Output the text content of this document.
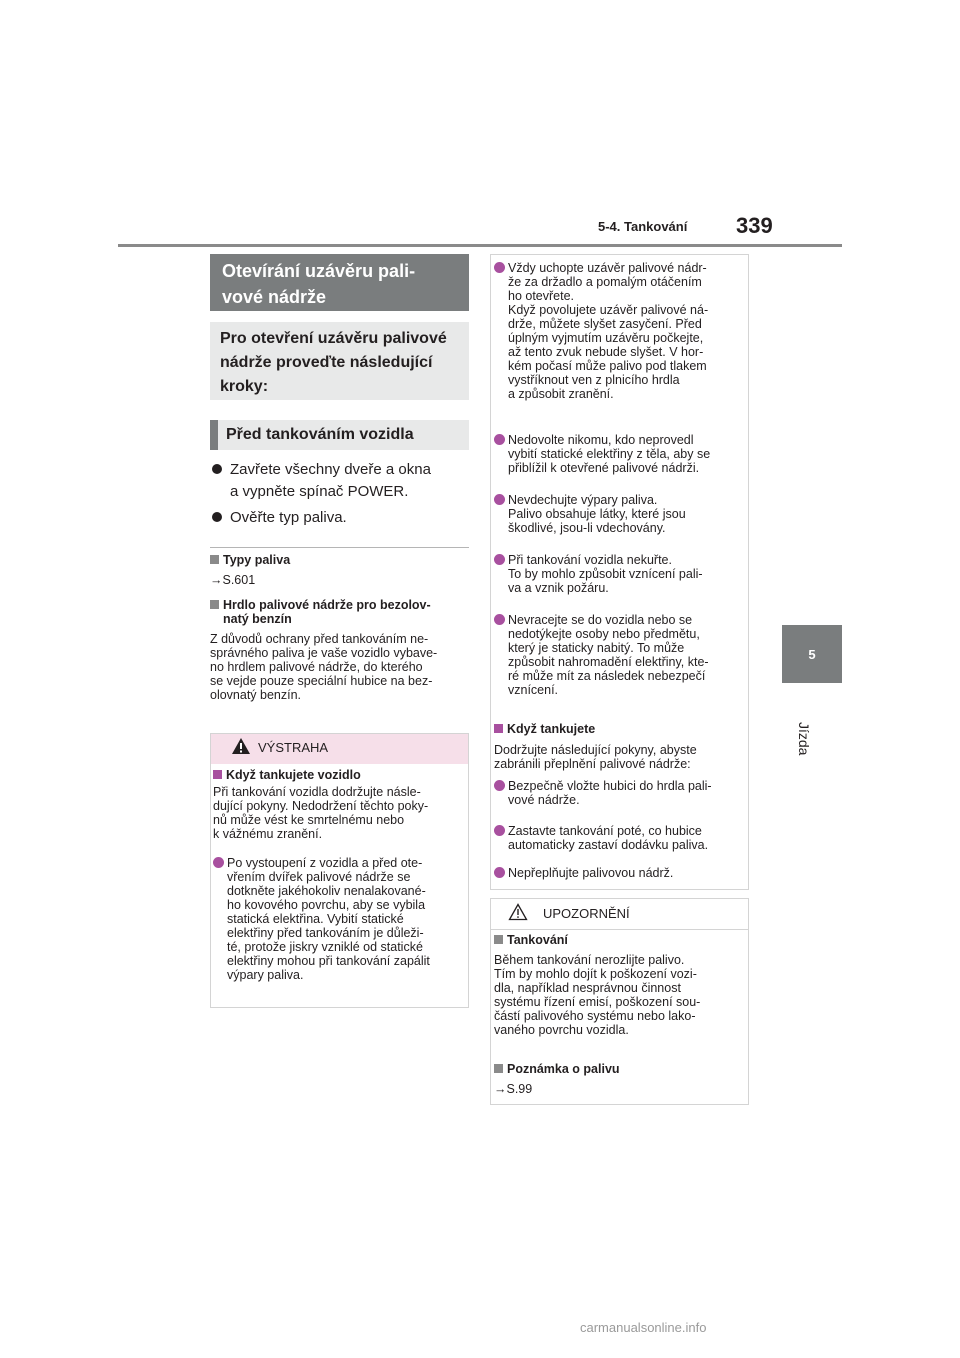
5-4. Tankování 339
5
Jízda
Otevírání uzávěru pali-
vové nádrže
Pro otevření uzávěru palivové
nádrže proveďte následující
kroky:
Před tankováním vozidla
Zavřete všechny dveře a okna
a vypněte spínač POWER.
Ověřte typ paliva.
Typy paliva
→S.601
Hrdlo palivové nádrže pro bezolov-
natý benzín
Z důvodů ochrany před tankováním ne-
správného paliva je vaše vozidlo vybave-
no hrdlem palivové nádrže, do kterého
se vejde pouze speciální hubice na bez-
olovnatý benzín.
VÝSTRAHA
Když tankujete vozidlo
Při tankování vozidla dodržujte násle-
dující pokyny. Nedodržení těchto poky-
nů může vést ke smrtelnému nebo
k vážnému zranění.
Po vystoupení z vozidla a před ote-
vřením dvířek palivové nádrže se
dotkněte jakéhokoliv nenalakované-
ho kovového povrchu, aby se vybila
statická elektřina. Vybití statické
elektřiny před tankováním je důleži-
té, protože jiskry vzniklé od statické
elektřiny mohou při tankování zapálit
výpary paliva.
Vždy uchopte uzávěr palivové nádr-
že za držadlo a pomalým otáčením
ho otevřete.
Když povolujete uzávěr palivové ná-
drže, můžete slyšet zasyčení. Před
úplným vyjmutím uzávěru počkejte,
až tento zvuk nebude slyšet. V hor-
kém počasí může palivo pod tlakem
vystříknout ven z plnicího hrdla
a způsobit zranění.
Nedovolte nikomu, kdo neprovedl
vybití statické elektřiny z těla, aby se
přiblížil k otevřené palivové nádrži.
Nevdechujte výpary paliva.
Palivo obsahuje látky, které jsou
škodlivé, jsou-li vdechovány.
Při tankování vozidla nekuřte.
To by mohlo způsobit vznícení pali-
va a vznik požáru.
Nevracejte se do vozidla nebo se
nedotýkejte osoby nebo předmětu,
který je staticky nabitý. To může
způsobit nahromadění elektřiny, kte-
ré může mít za následek nebezpečí
vznícení.
Když tankujete
Dodržujte následující pokyny, abyste
zabránili přeplnění palivové nádrže:
Bezpečně vložte hubici do hrdla pali-
vové nádrže.
Zastavte tankování poté, co hubice
automaticky zastaví dodávku paliva.
Nepřeplňujte palivovou nádrž.
UPOZORNĚNÍ
Tankování
Během tankování nerozlijte palivo.
Tím by mohlo dojít k poškození vozi-
dla, například nesprávnou činnost
systému řízení emisí, poškození sou-
částí palivového systému nebo lako-
vaného povrchu vozidla.
Poznámka o palivu
→S.99
carmanualsonline.info
